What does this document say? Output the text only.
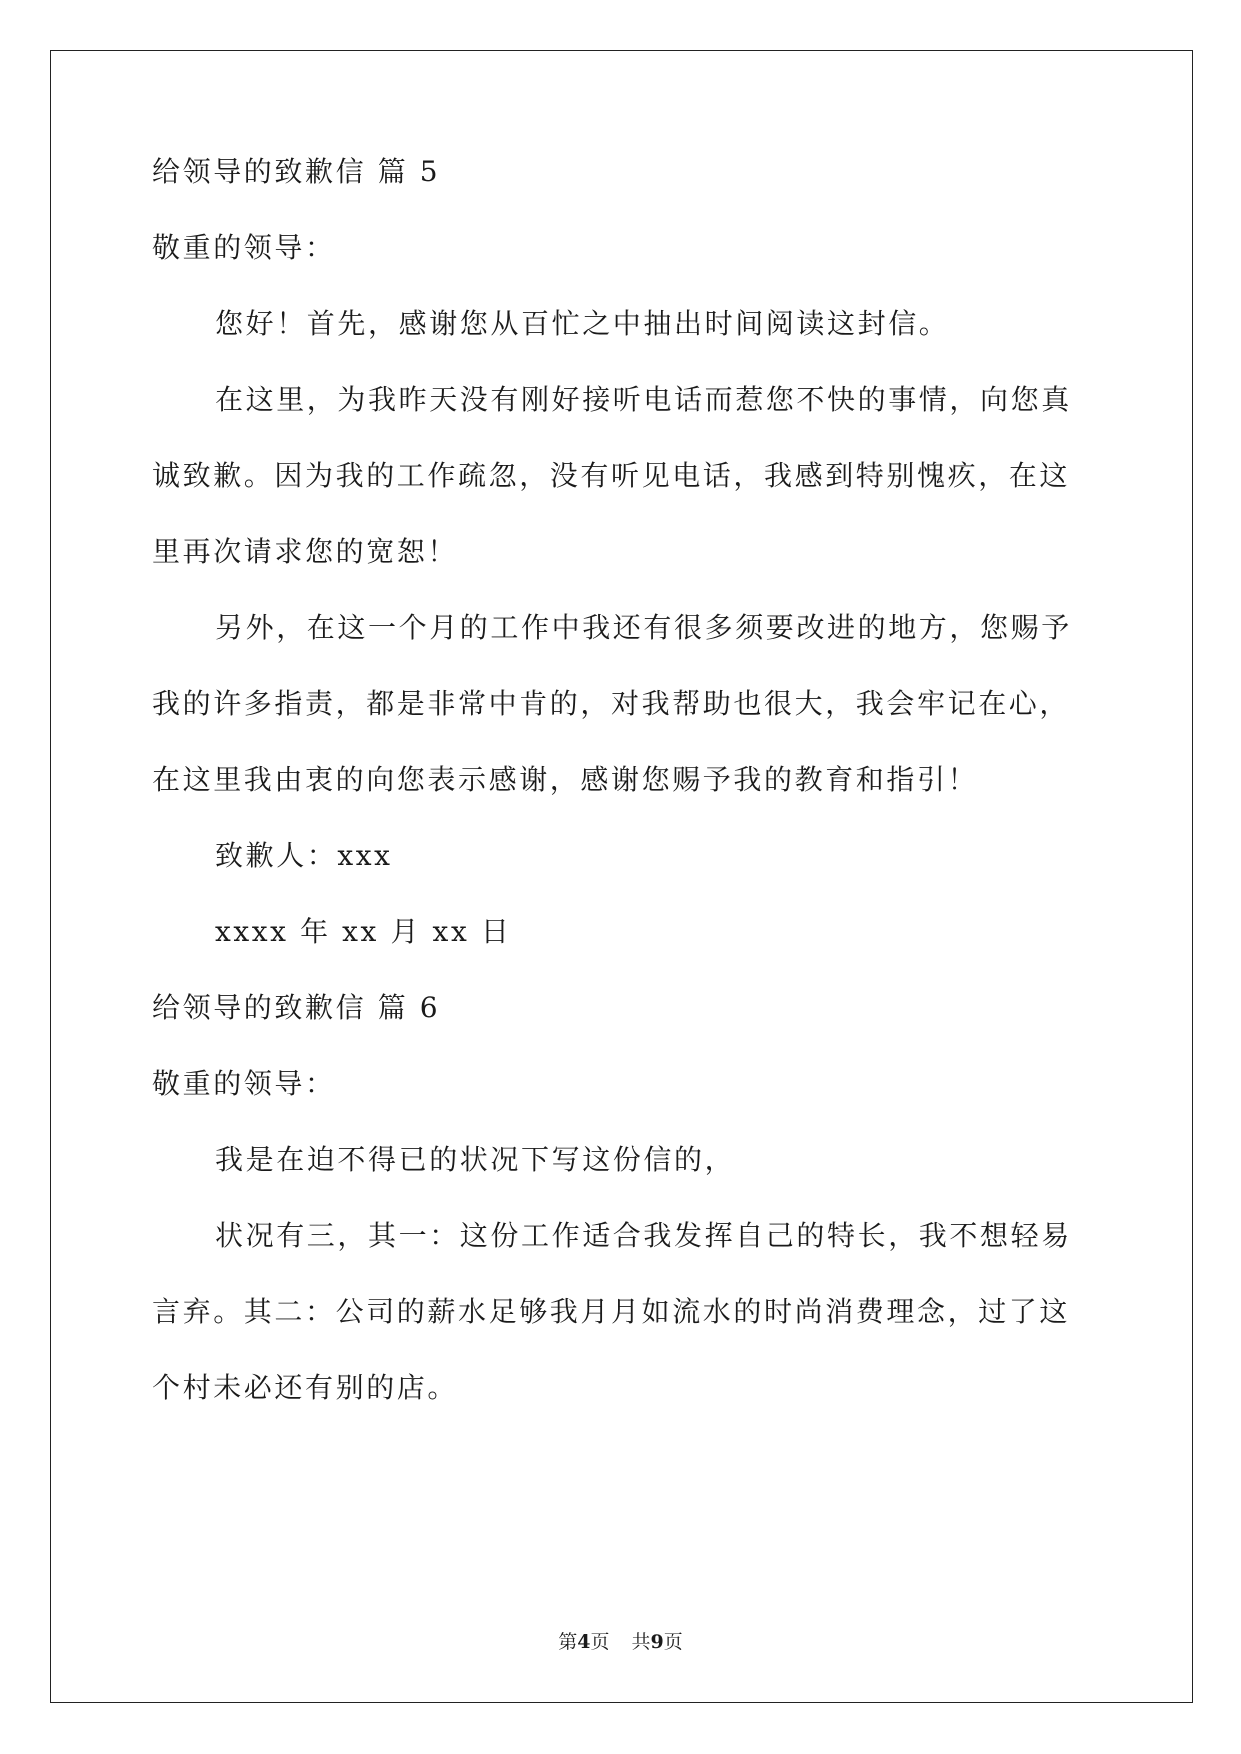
给领导的致歉信 篇 5
敬重的领导：
您好！首先，感谢您从百忙之中抽出时间阅读这封信。
在这里，为我昨天没有刚好接听电话而惹您不快的事情，向您真
诚致歉。因为我的工作疏忽，没有听见电话，我感到特别愧疚，在这
里再次请求您的宽恕！
另外，在这一个月的工作中我还有很多须要改进的地方，您赐予
我的许多指责，都是非常中肯的，对我帮助也很大，我会牢记在心，
在这里我由衷的向您表示感谢，感谢您赐予我的教育和指引！
致歉人：xxx
xxxx 年 xx 月 xx 日
给领导的致歉信 篇 6
敬重的领导：
我是在迫不得已的状况下写这份信的，
状况有三，其一：这份工作适合我发挥自己的特长，我不想轻易
言弃。其二：公司的薪水足够我月月如流水的时尚消费理念，过了这
个村未必还有别的店。
第4页 共9页
